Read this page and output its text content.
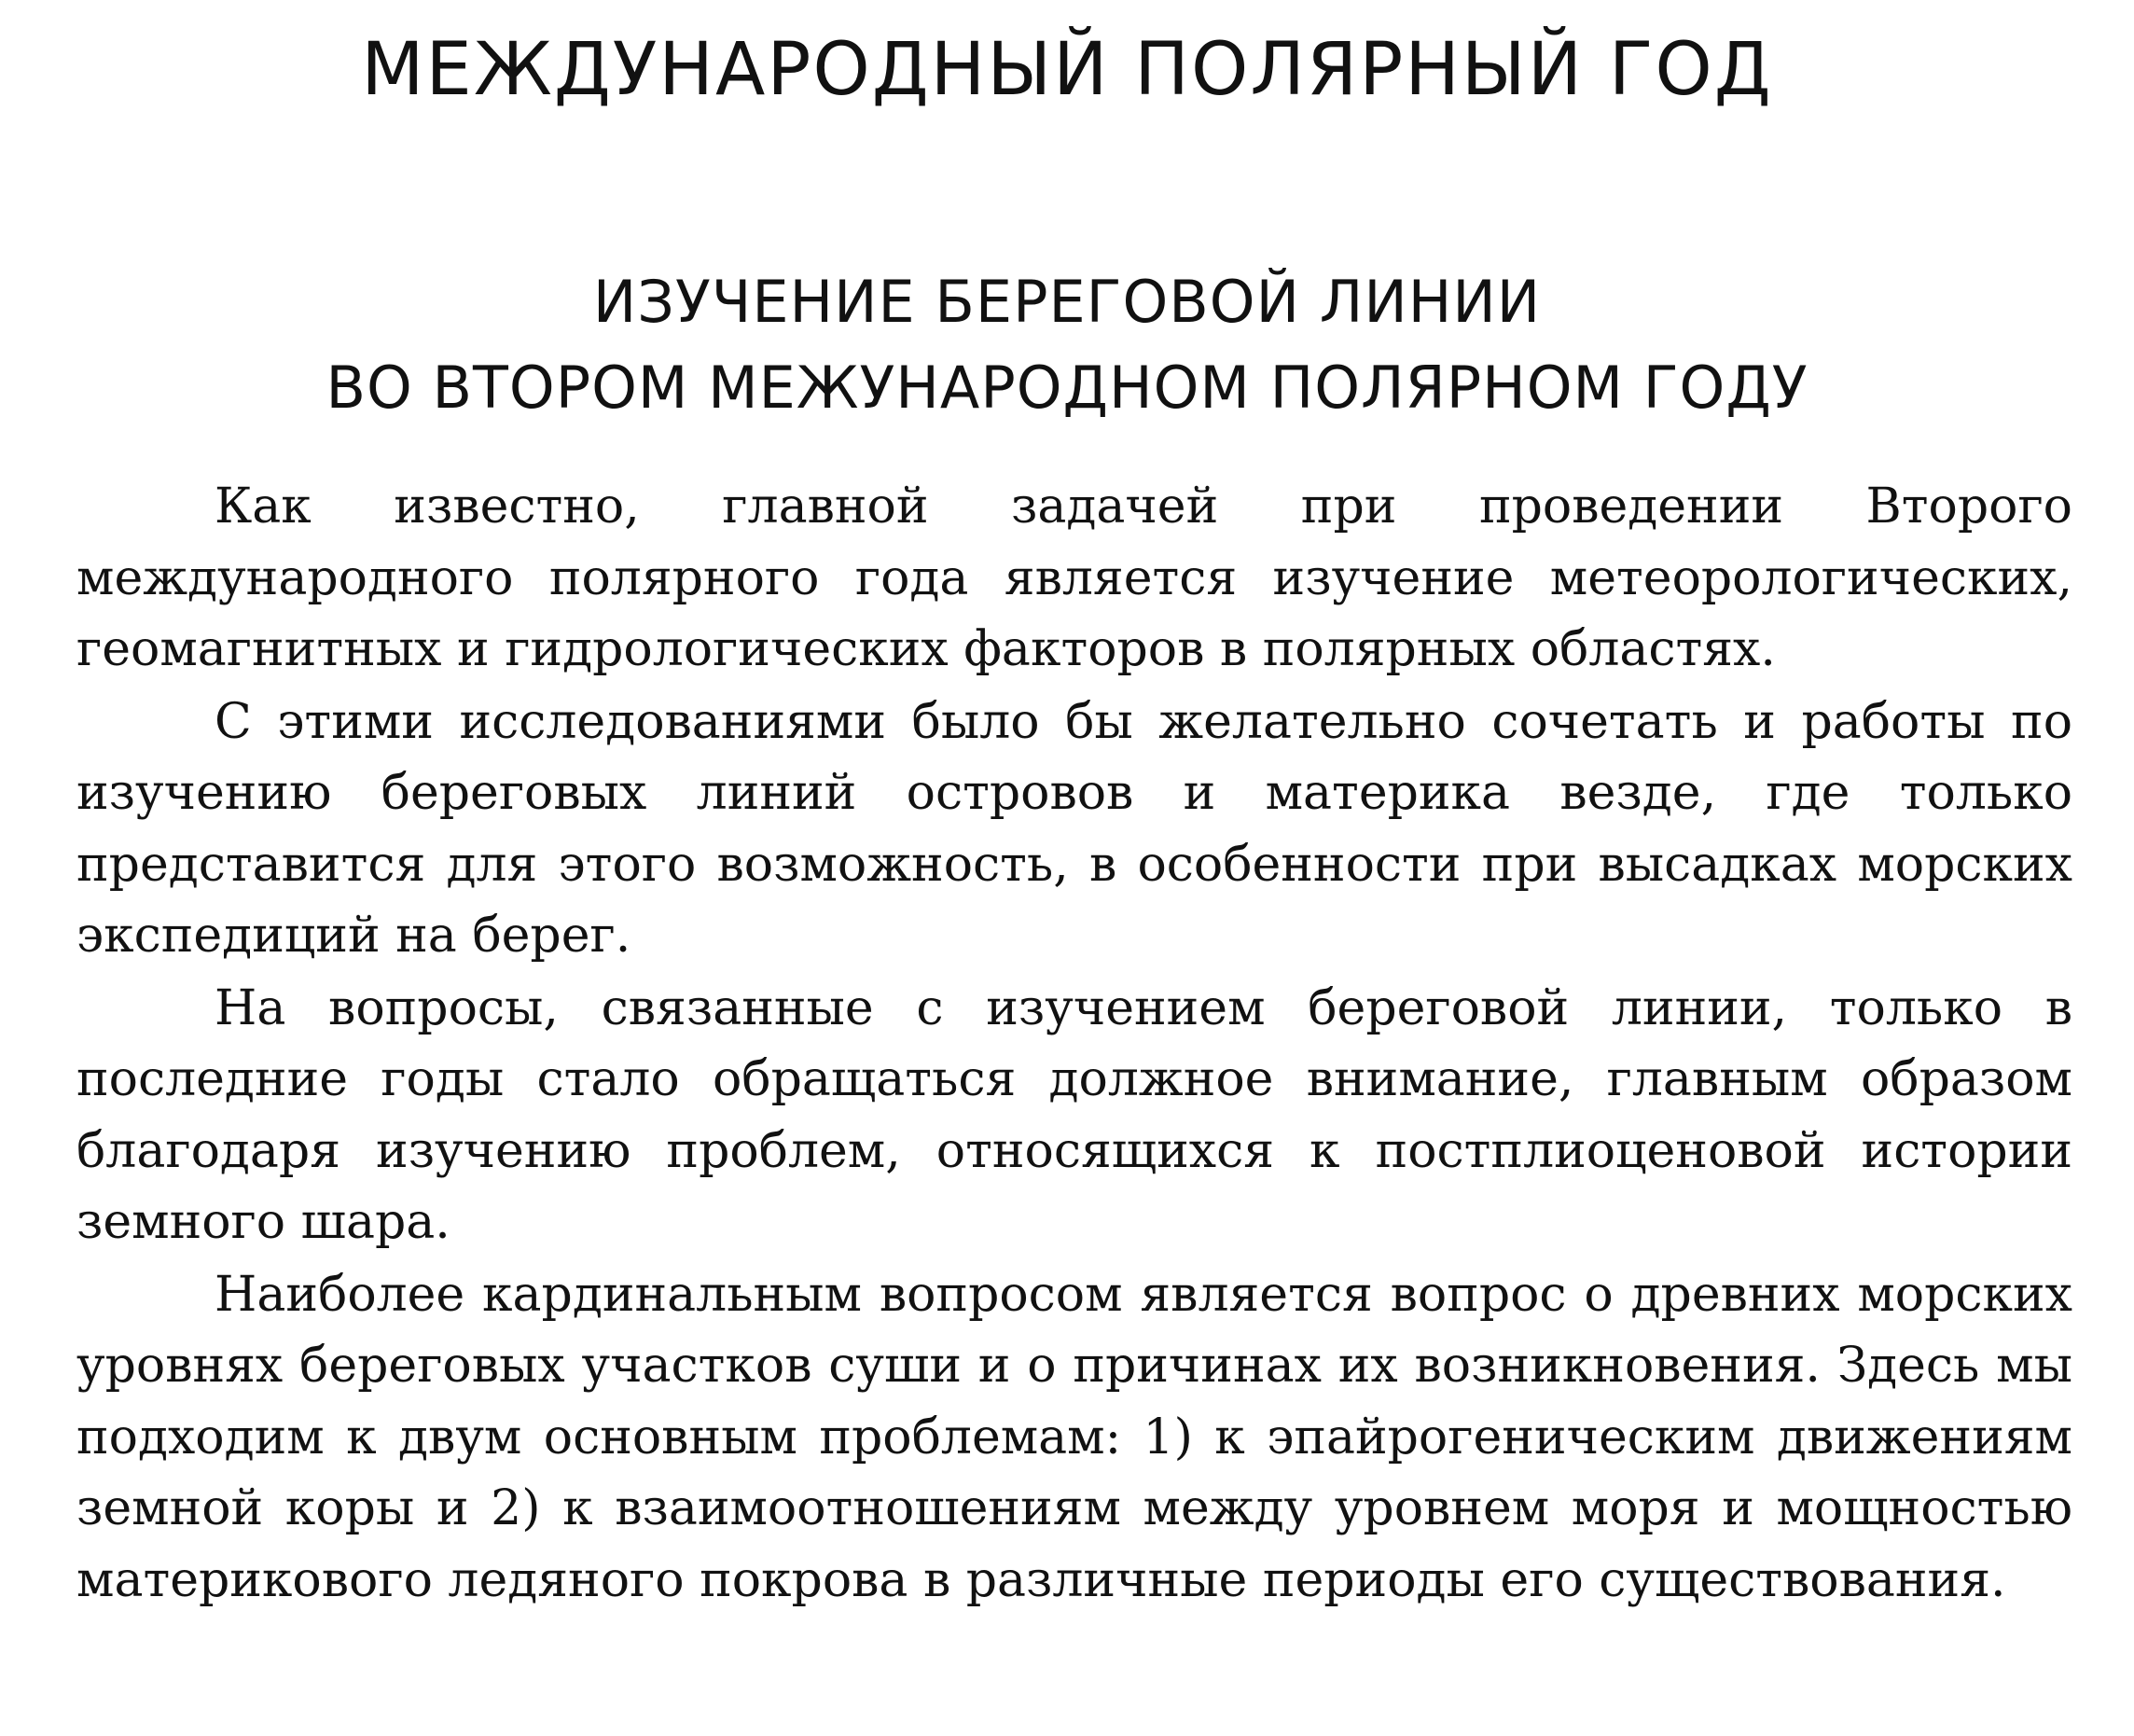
МЕЖДУНАРОДНЫЙ ПОЛЯРНЫЙ ГОД
ИЗУЧЕНИЕ БЕРЕГОВОЙ ЛИНИИ
ВО ВТОРОМ МЕЖУНАРОДНОМ ПОЛЯРНОМ ГОДУ

Как известно, главной задачей при проведении Второго международного полярного года является изучение метеорологических, геомагнитных и гидрологических факторов в полярных областях.

С этими исследованиями было бы желательно сочетать и работы по изучению береговых линий островов и материка везде, где только представится для этого возможность, в особенности при высадках морских экспедиций на берег.

На вопросы, связанные с изучением береговой линии, только в последние годы стало обращаться должное внимание, главным образом благодаря изучению проблем, относящихся к постплиоценовой истории земного шара.

Наиболее кардинальным вопросом является вопрос о древних морских уровнях береговых участков суши и о причинах их возникновения. Здесь мы подходим к двум основным проблемам: 1) к эпайрогеническим движениям земной коры и 2) к взаимоотношениям между уровнем моря и мощностью материкового ледяного покрова в различные периоды его существования.
